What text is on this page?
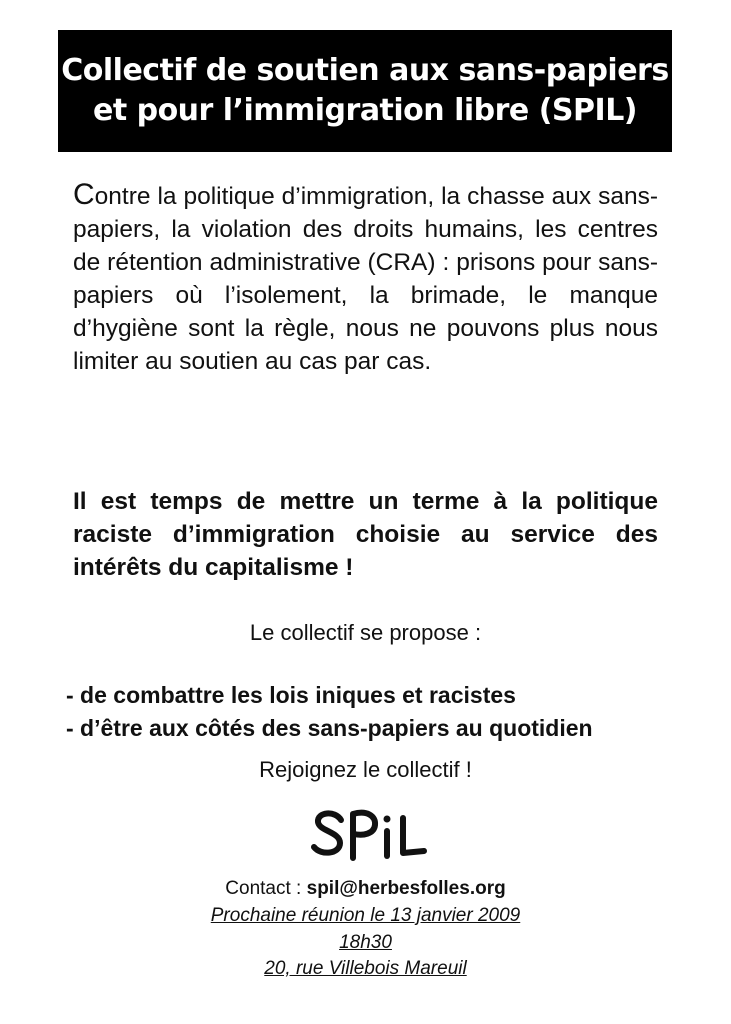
Collectif de soutien aux sans-papiers
et pour l’immigration libre (SPIL)

Contre la politique d’immigration, la chasse aux sans-papiers, la violation des droits humains, les centres de rétention administrative (CRA) : prisons pour sans-papiers où l’isolement, la brimade, le manque d’hygiène sont la règle, nous ne pouvons plus nous limiter au soutien au cas par cas.

Il est temps de mettre un terme à la politique raciste d’immigration choisie au service des intérêts du capitalisme !

Le collectif se propose :

- de combattre les lois iniques et racistes
- d’être aux côtés des sans-papiers au quotidien

Rejoignez le collectif !

Contact : spil@herbesfolles.org

Prochaine réunion le 13 janvier 2009
18h30
20, rue Villebois Mareuil
